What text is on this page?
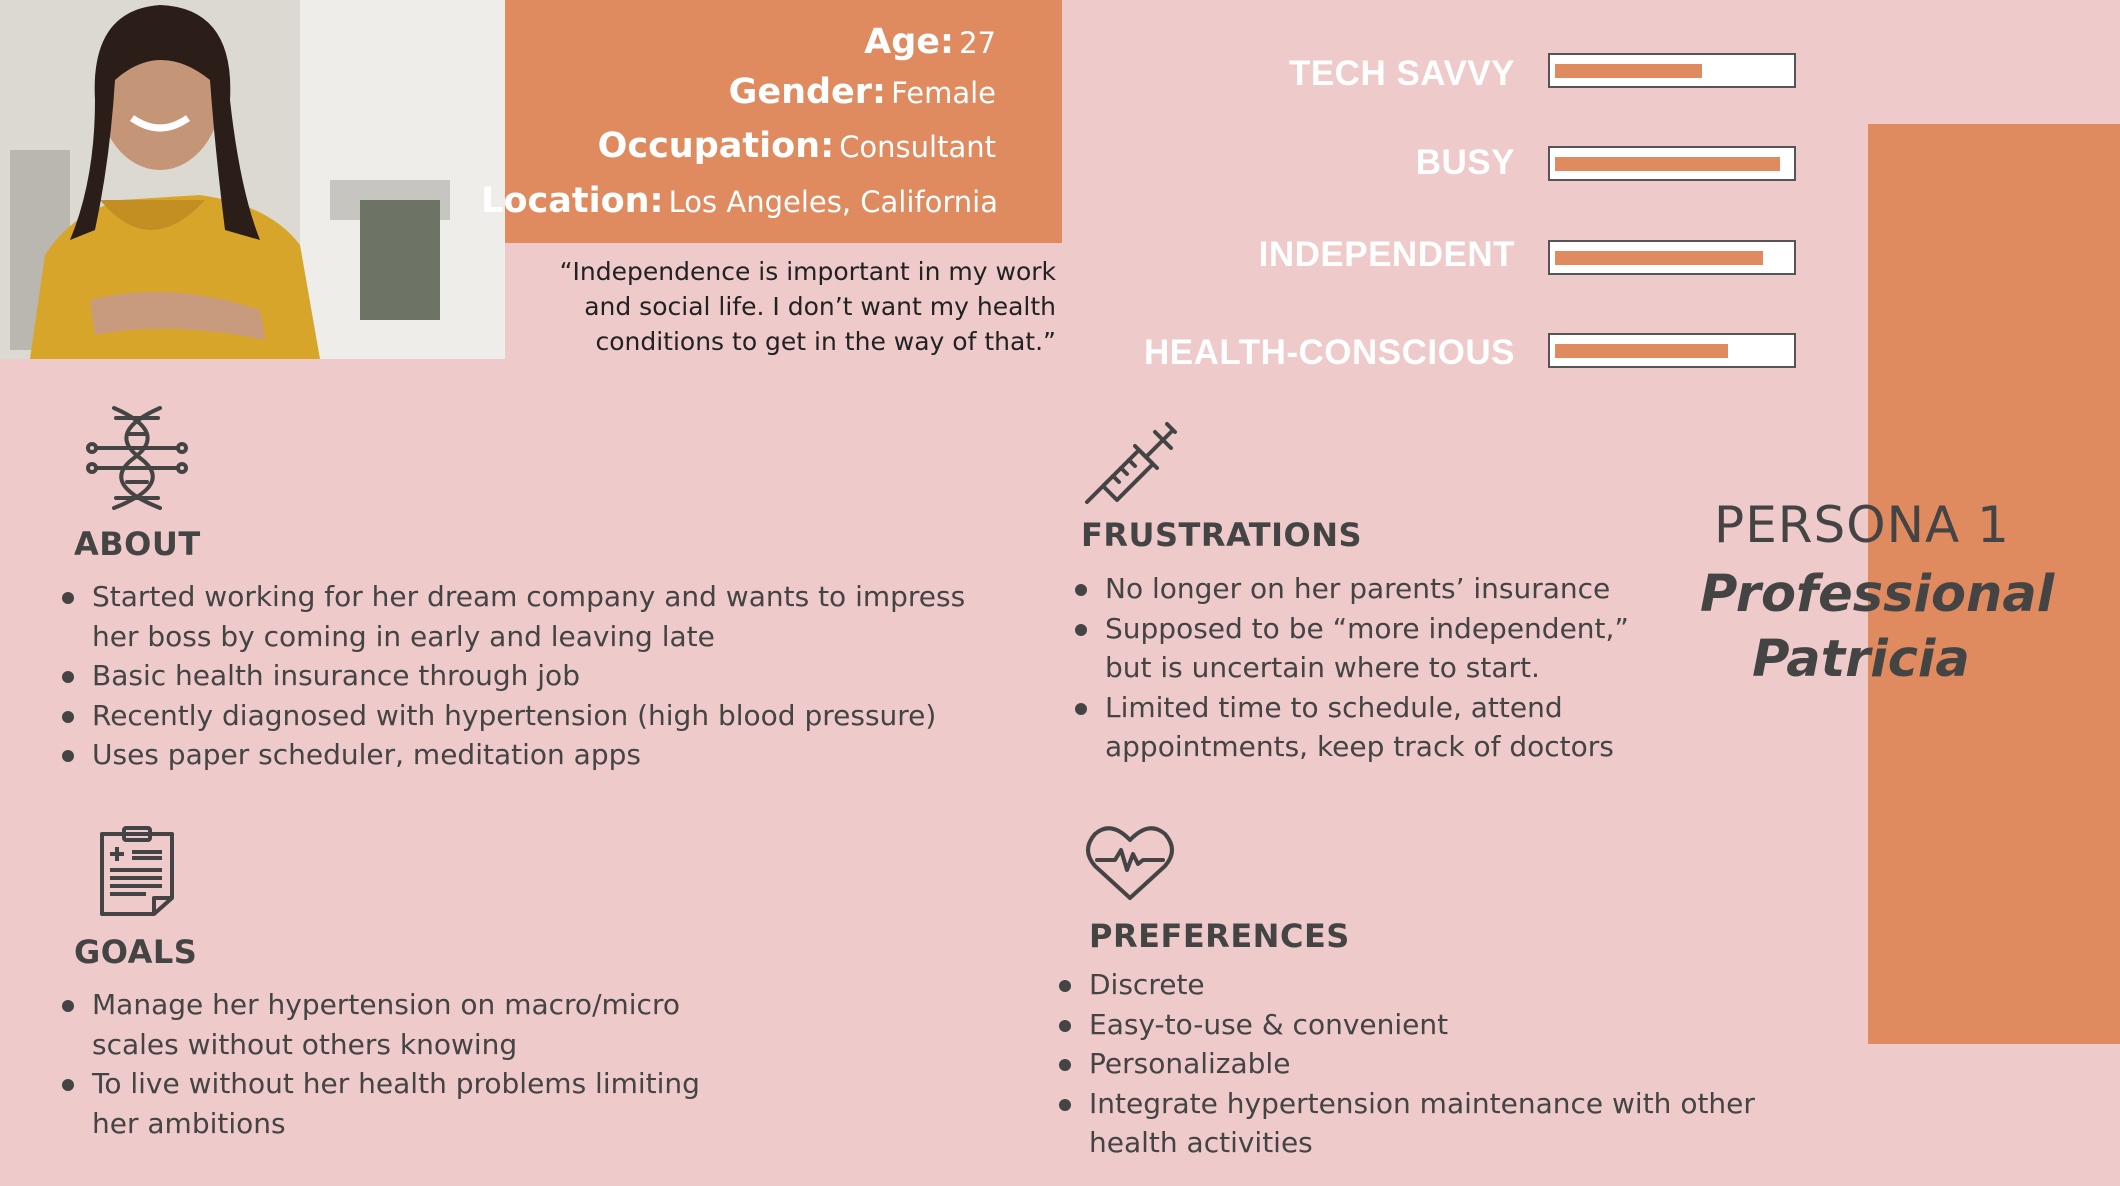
Age: 27
Gender: Female
Occupation: Consultant
Location: Los Angeles, California
“Independence is important in my work and social life. I don’t want my health conditions to get in the way of that.”
TECH SAVVY
BUSY
INDEPENDENT
HEALTH-CONSCIOUS
PERSONA 1
Professional
Patricia
ABOUT
Started working for her dream company and wants to impress her boss by coming in early and leaving late
Basic health insurance through job
Recently diagnosed with hypertension (high blood pressure)
Uses paper scheduler, meditation apps
FRUSTRATIONS
No longer on her parents’ insurance
Supposed to be “more independent,” but is uncertain where to start.
Limited time to schedule, attend appointments, keep track of doctors
GOALS
Manage her hypertension on macro/micro scales without others knowing
To live without her health problems limiting her ambitions
PREFERENCES
Discrete
Easy-to-use & convenient
Personalizable
Integrate hypertension maintenance with other health activities
